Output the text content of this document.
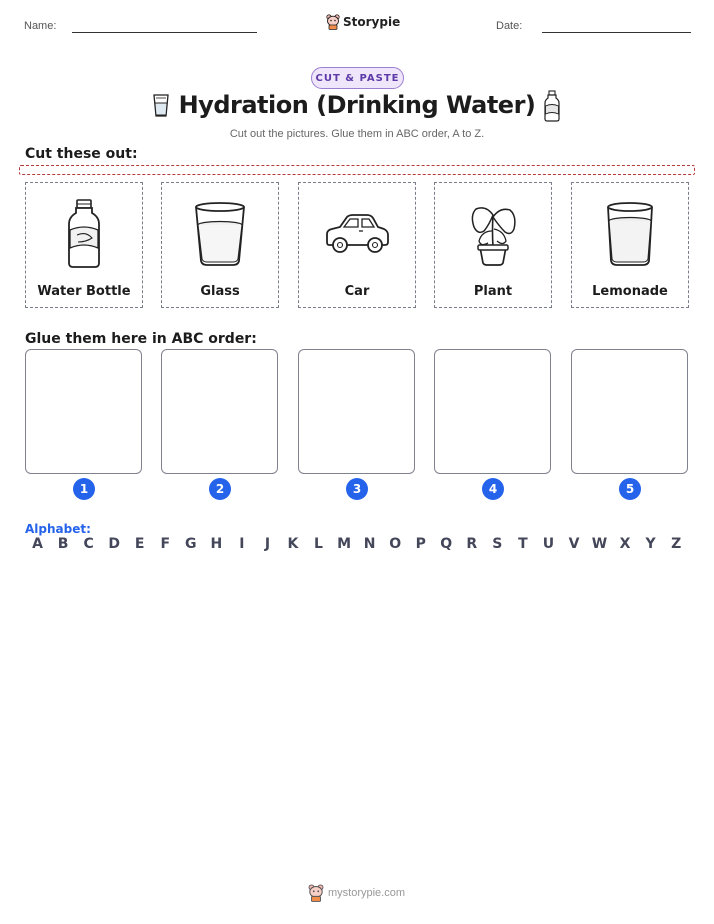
Name:	Storypie	Date:
CUT & PASTE
Hydration (Drinking Water)
Cut out the pictures. Glue them in ABC order, A to Z.
Cut these out:
Water Bottle	Glass	Car	Plant	Lemonade
Glue them here in ABC order:
1	2	3	4	5
Alphabet:
A	B	C	D	E	F	G H	I	J	K	L	M N O	P	Q	R	S	T	U	V W X	Y	Z
mystorypie.com
